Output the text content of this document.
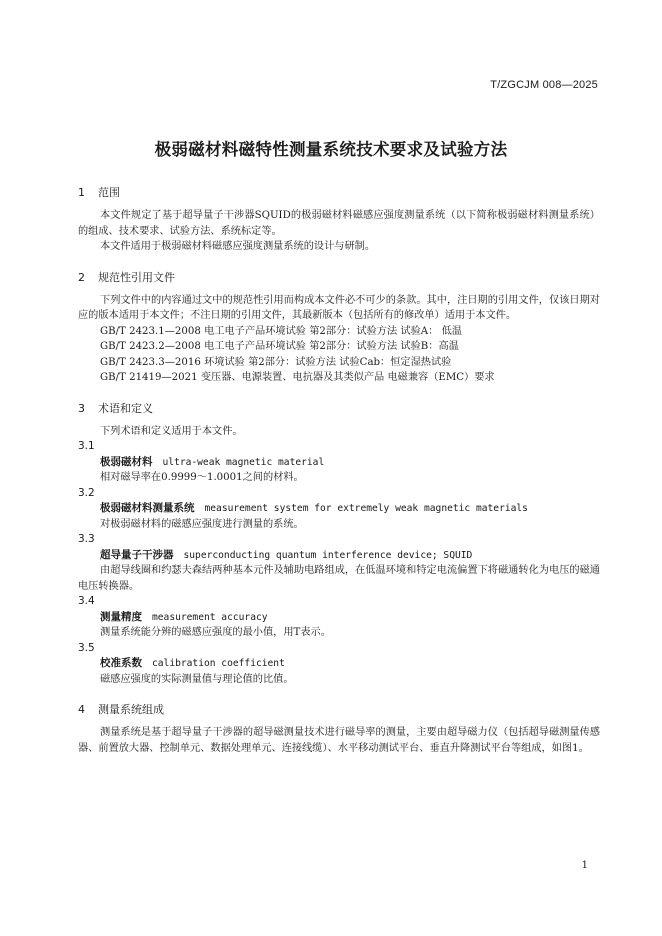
T/ZGCJM 008—2025
极弱磁材料磁特性测量系统技术要求及试验方法
1 范围

本文件规定了基于超导量子干涉器SQUID的极弱磁材料磁感应强度测量系统（以下简称极弱磁材料测量系统）的组成、技术要求、试验方法、系统标定等。

本文件适用于极弱磁材料磁感应强度测量系统的设计与研制。

2 规范性引用文件

下列文件中的内容通过文中的规范性引用而构成本文件必不可少的条款。其中，注日期的引用文件，仅该日期对应的版本适用于本文件；不注日期的引用文件，其最新版本（包括所有的修改单）适用于本文件。

GB/T 2423.1—2008 电工电子产品环境试验 第2部分：试验方法 试验A： 低温

GB/T 2423.2—2008 电工电子产品环境试验 第2部分：试验方法 试验B：高温

GB/T 2423.3—2016 环境试验 第2部分：试验方法 试验Cab：恒定湿热试验

GB/T 21419—2021 变压器、电源装置、电抗器及其类似产品 电磁兼容（EMC）要求

3 术语和定义

下列术语和定义适用于本文件。

3.1

极弱磁材料 ultra-weak magnetic material

相对磁导率在0.9999～1.0001之间的材料。

3.2

极弱磁材料测量系统 measurement system for extremely weak magnetic materials

对极弱磁材料的磁感应强度进行测量的系统。

3.3

超导量子干涉器 superconducting quantum interference device; SQUID

由超导线圈和约瑟夫森结两种基本元件及辅助电路组成，在低温环境和特定电流偏置下将磁通转化为电压的磁通电压转换器。

3.4

测量精度 measurement accuracy

测量系统能分辨的磁感应强度的最小值，用T表示。

3.5

校准系数 calibration coefficient

磁感应强度的实际测量值与理论值的比值。

4 测量系统组成

测量系统是基于超导量子干涉器的超导磁测量技术进行磁导率的测量，主要由超导磁力仪（包括超导磁测量传感器、前置放大器、控制单元、数据处理单元、连接线缆）、水平移动测试平台、垂直升降测试平台等组成，如图1。

1
